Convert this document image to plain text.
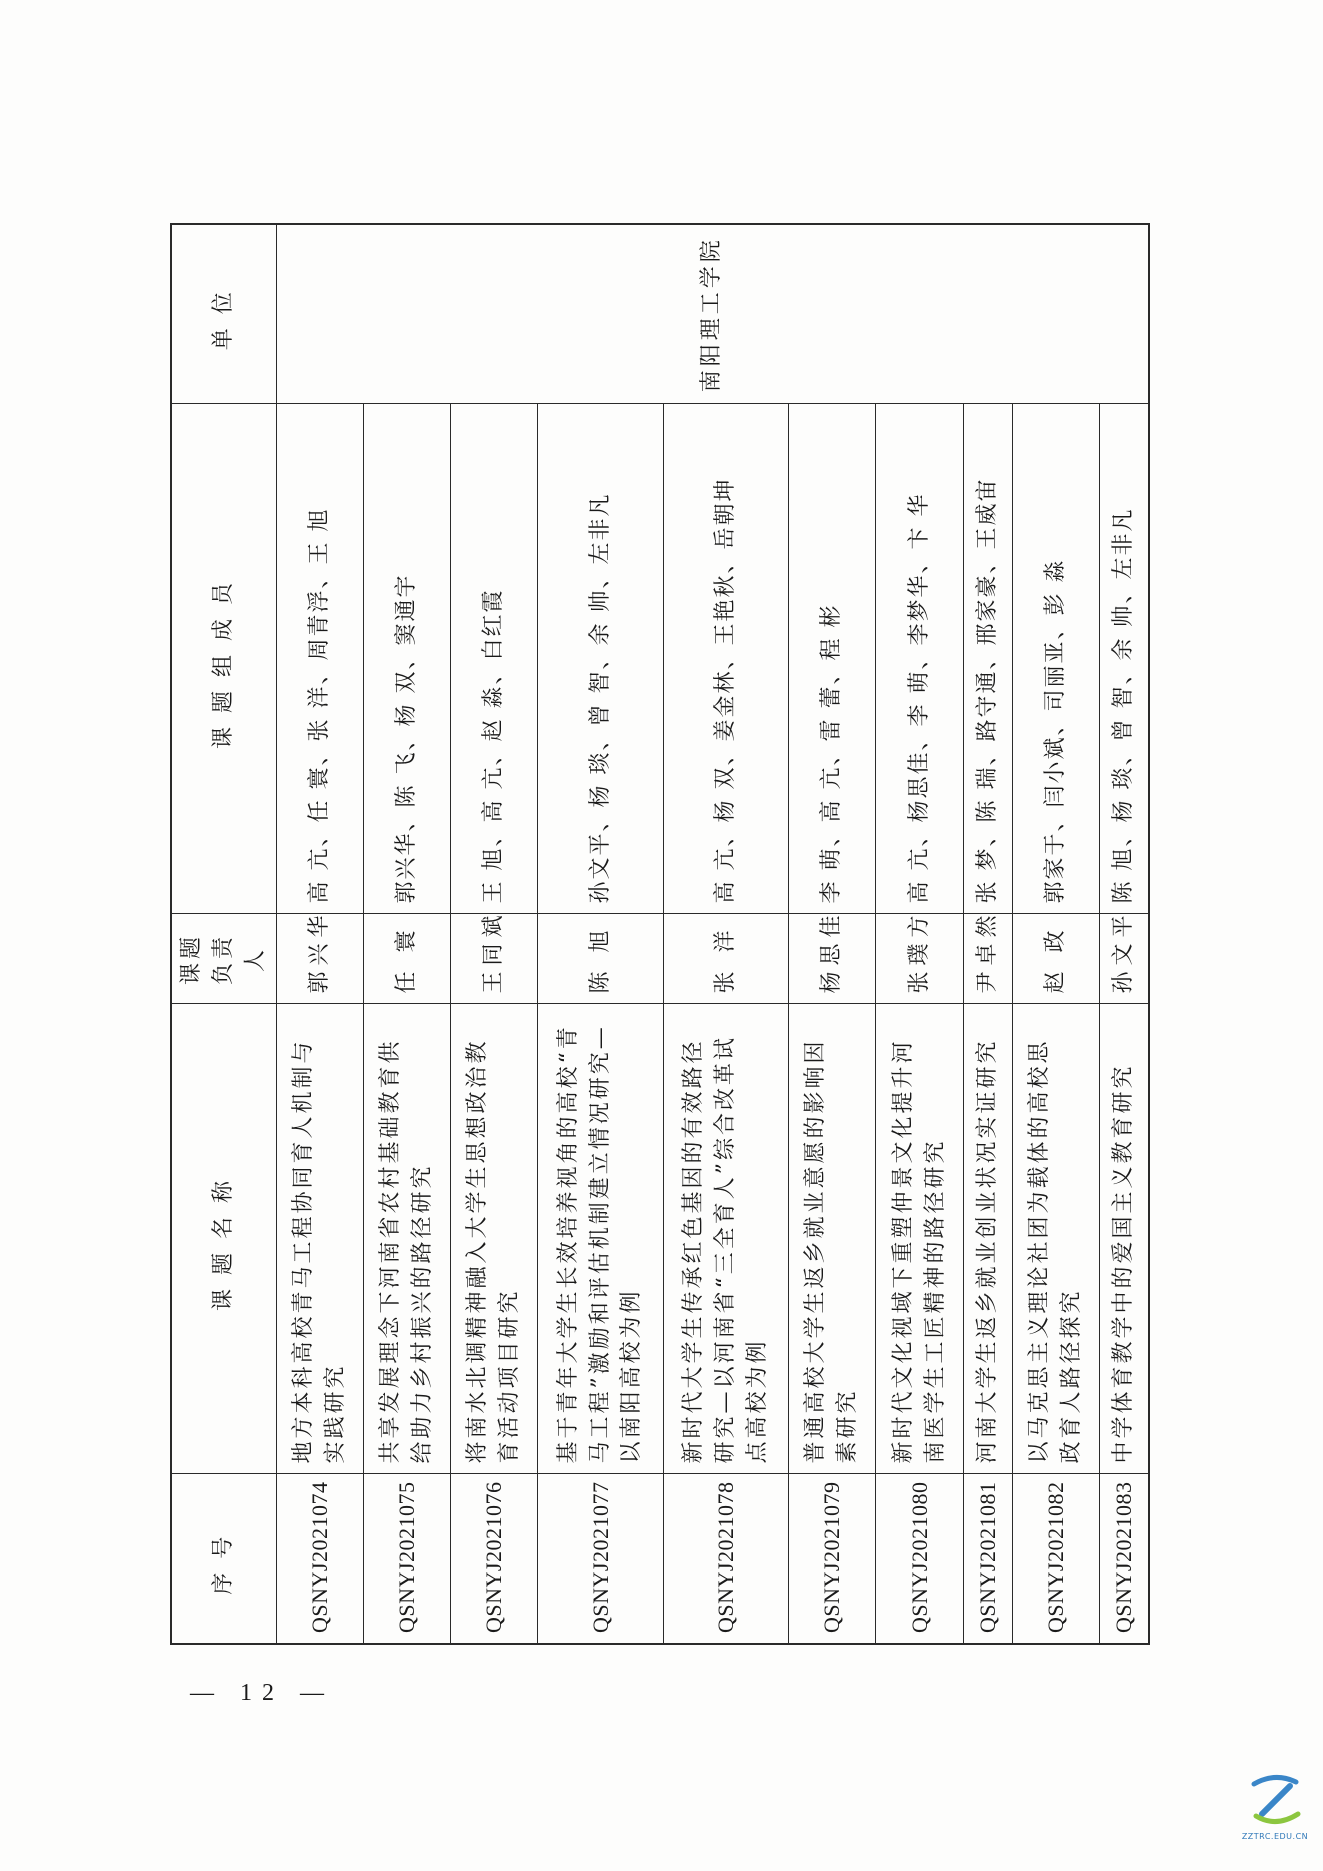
序号	课题名称	课题负责人	课题组成员	单位
QSNYJ2021074	地方本科高校青马工程协同育人机制与实践研究	郭兴华	高 亢、任 寰、张 洋、周青浮、王 旭	南阳理工学院
QSNYJ2021075	共享发展理念下河南省农村基础教育供给助力乡村振兴的路径研究	任 寰	郭兴华、陈 飞、杨 双、窦通宇	
QSNYJ2021076	将南水北调精神融入大学生思想政治教育活动项目研究	王同斌	王 旭、高 亢、赵 淼、白红霞	
QSNYJ2021077	基于青年大学生长效培养视角的高校“青马工程”激励和评估机制建立情况研究—以南阳高校为例	陈 旭	孙文平、杨 琰、曾 智、余 帅、左非凡	
QSNYJ2021078	新时代大学生传承红色基因的有效路径研究—以河南省“三全育人”综合改革试点高校为例	张 洋	高 亢、杨 双、姜金林、王艳秋、岳朝坤	
QSNYJ2021079	普通高校大学生返乡就业意愿的影响因素研究	杨思佳	李 萌、高 亢、雷 蕾、程 彬	
QSNYJ2021080	新时代文化视域下重塑仲景文化提升河南医学生工匠精神的路径研究	张璞方	高 亢、杨思佳、李 萌、李梦华、卞 华	
QSNYJ2021081	河南大学生返乡就业创业状况实证研究	尹卓然	张 梦、陈 瑞、路守通、邢家豪、王威宙	
QSNYJ2021082	以马克思主义理论社团为载体的高校思政育人路径探究	赵 政	郭家于、闫小斌、司丽亚、彭 淼	
QSNYJ2021083	中学体育教学中的爱国主义教育研究	孙文平	陈 旭、杨 琰、曾 智、余 帅、左非凡	
— 12 —
ZZTRC.EDU.CN
